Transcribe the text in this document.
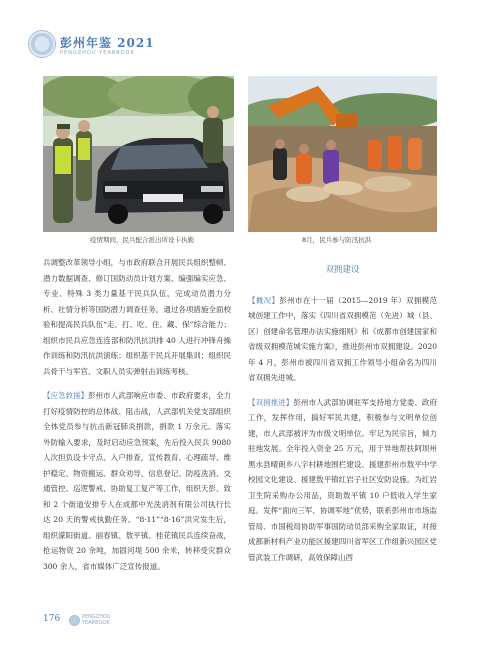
彭州年鉴 2021
PENGZHOU YEARBOOK
疫情期间，民兵配合派出所设卡执勤	8月，民兵参与防汛抗洪

兵调整改革领导小组，与市政府联合开展民兵组织整顿、潜力数据调查、修订国防动员计划方案、编强编实应急、专业、特殊 3 类力量基干民兵队伍，完成动员潜力分析、社情分析等国防潜力调查任务。通过各项措施全面校验和提高民兵队伍“走、打、吃、住、藏、保”综合能力；组织市民兵应急连连部和防汛抗洪排 40 人进行冲锋舟操作训练和防汛抗洪演练；组织基干民兵开展集训；组织民兵骨干与军官、文职人员实弹射击训练考核。

【应急救援】彭州市人武部响应市委、市政府要求，全力打好疫情防控的总体战、阻击战，人武部机关党支部组织全体党员参与抗击新冠肺炎捐款，捐款 1 万余元。落实外防输入要求，及时启动应急预案，先后投入民兵 9080 人次担负设卡守点、入户排查，宣传教育、心理疏导、维护稳定、物资搬运、群众劝导、信息登记、防疫洗消、交通管控、巡逻警戒、协助复工复产等工作，组织天彭、致和 2 个街道安排专人在成都中光洗消剂有限公司执行长达 20 天的警戒执勤任务。“8·11”“8·16”洪灾发生后，组织濛阳街道、丽春镇、敖平镇、桂花镇民兵连续奋战，抢运物资 20 余吨，加固河堤 500 余米，转移受灾群众 300 余人，省市媒体广泛宣传报道。

双拥建设

【概况】彭州市在十一届（2015—2019 年）双拥模范城创建工作中，落实《四川省双拥模范（先进）城（县、区）创建命名管理办法实施细则》和《成都市创建国家和省级双拥模范城实施方案》，推进彭州市双拥建设。2020 年 4 月，彭州市被四川省双拥工作领导小组命名为四川省双拥先进城。

【双拥推进】彭州市人武部协调驻军支持地方党委、政府工作，发挥作用，搞好军民共建，积极参与文明单位创建，市人武部被评为市级文明单位。牢记为民宗旨，倾力驻地发展。全年投入资金 25 万元，用于异地帮扶阿坝州黑水县晴朗乡八字村耕地围栏建设、援建彭州市敖平中学校园文化建设、援建敖平镇红岩子社区安防设施。为红岩卫生院采购办公用品，资助敖平镇 10 户低收入学生家庭。发挥“面向三军、协调军地”优势，联系彭州市市场监管局、市国税局协助军事国防动员部采购全家取证，对接成都新材料产业功能区援建四川省军区工作组新兴园区党管武装工作调研，高效保障山西

176	PENGZHOU
YEARBOOK
